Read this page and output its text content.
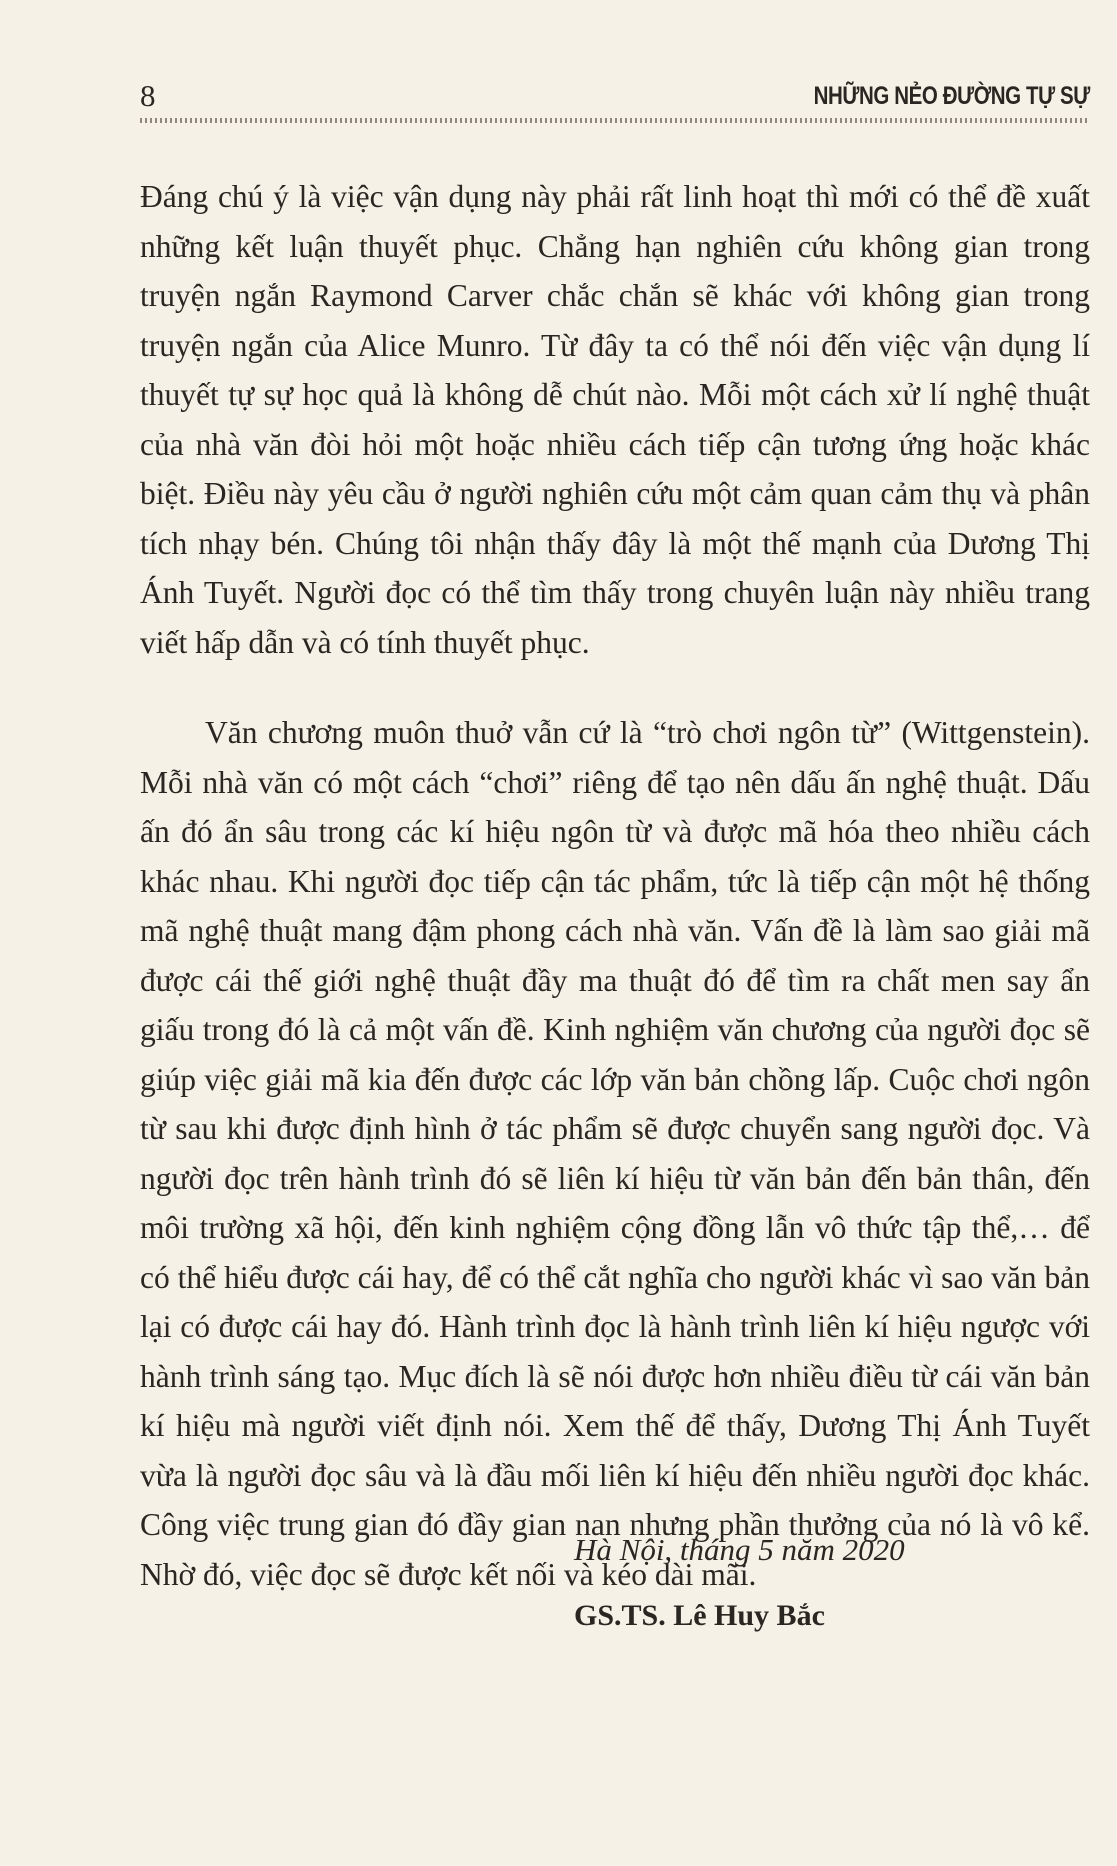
8	NHỮNG NẺO ĐƯỜNG TỰ SỰ

Đáng chú ý là việc vận dụng này phải rất linh hoạt thì mới có thể đề xuất những kết luận thuyết phục. Chẳng hạn nghiên cứu không gian trong truyện ngắn Raymond Carver chắc chắn sẽ khác với không gian trong truyện ngắn của Alice Munro. Từ đây ta có thể nói đến việc vận dụng lí thuyết tự sự học quả là không dễ chút nào. Mỗi một cách xử lí nghệ thuật của nhà văn đòi hỏi một hoặc nhiều cách tiếp cận tương ứng hoặc khác biệt. Điều này yêu cầu ở người nghiên cứu một cảm quan cảm thụ và phân tích nhạy bén. Chúng tôi nhận thấy đây là một thế mạnh của Dương Thị Ánh Tuyết. Người đọc có thể tìm thấy trong chuyên luận này nhiều trang viết hấp dẫn và có tính thuyết phục.

Văn chương muôn thuở vẫn cứ là “trò chơi ngôn từ” (Wittgenstein). Mỗi nhà văn có một cách “chơi” riêng để tạo nên dấu ấn nghệ thuật. Dấu ấn đó ẩn sâu trong các kí hiệu ngôn từ và được mã hóa theo nhiều cách khác nhau. Khi người đọc tiếp cận tác phẩm, tức là tiếp cận một hệ thống mã nghệ thuật mang đậm phong cách nhà văn. Vấn đề là làm sao giải mã được cái thế giới nghệ thuật đầy ma thuật đó để tìm ra chất men say ẩn giấu trong đó là cả một vấn đề. Kinh nghiệm văn chương của người đọc sẽ giúp việc giải mã kia đến được các lớp văn bản chồng lấp. Cuộc chơi ngôn từ sau khi được định hình ở tác phẩm sẽ được chuyển sang người đọc. Và người đọc trên hành trình đó sẽ liên kí hiệu từ văn bản đến bản thân, đến môi trường xã hội, đến kinh nghiệm cộng đồng lẫn vô thức tập thể,… để có thể hiểu được cái hay, để có thể cắt nghĩa cho người khác vì sao văn bản lại có được cái hay đó. Hành trình đọc là hành trình liên kí hiệu ngược với hành trình sáng tạo. Mục đích là sẽ nói được hơn nhiều điều từ cái văn bản kí hiệu mà người viết định nói. Xem thế để thấy, Dương Thị Ánh Tuyết vừa là người đọc sâu và là đầu mối liên kí hiệu đến nhiều người đọc khác. Công việc trung gian đó đầy gian nan nhưng phần thưởng của nó là vô kể. Nhờ đó, việc đọc sẽ được kết nối và kéo dài mãi.

Hà Nội, tháng 5 năm 2020
GS.TS. Lê Huy Bắc
